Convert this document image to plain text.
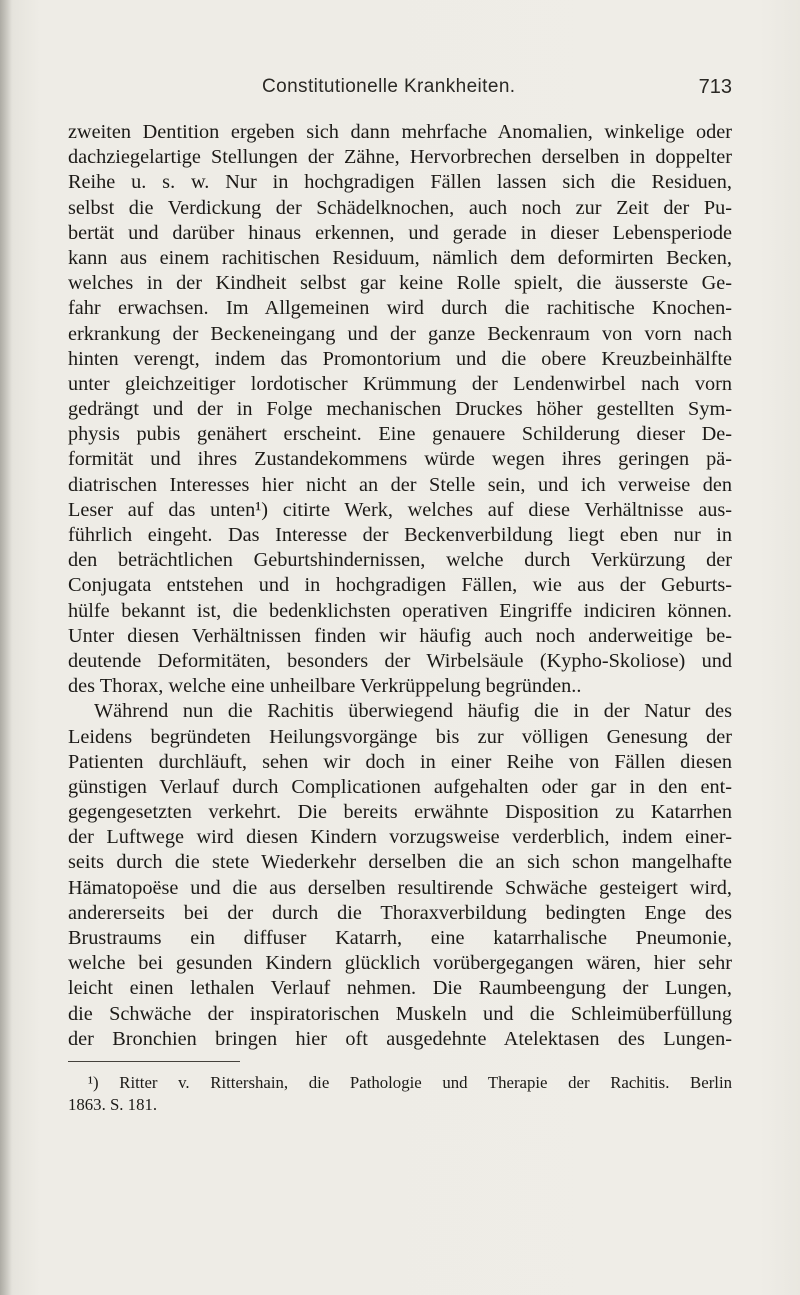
Constitutionelle Krankheiten.	713
zweiten Dentition ergeben sich dann mehrfache Anomalien, winkelige oder
dachziegelartige Stellungen der Zähne, Hervorbrechen derselben in doppelter
Reihe u. s. w. Nur in hochgradigen Fällen lassen sich die Residuen,
selbst die Verdickung der Schädelknochen, auch noch zur Zeit der Pu-
bertät und darüber hinaus erkennen, und gerade in dieser Lebensperiode
kann aus einem rachitischen Residuum, nämlich dem deformirten Becken,
welches in der Kindheit selbst gar keine Rolle spielt, die äusserste Ge-
fahr erwachsen. Im Allgemeinen wird durch die rachitische Knochen-
erkrankung der Beckeneingang und der ganze Beckenraum von vorn nach
hinten verengt, indem das Promontorium und die obere Kreuzbeinhälfte
unter gleichzeitiger lordotischer Krümmung der Lendenwirbel nach vorn
gedrängt und der in Folge mechanischen Druckes höher gestellten Sym-
physis pubis genähert erscheint. Eine genauere Schilderung dieser De-
formität und ihres Zustandekommens würde wegen ihres geringen pä-
diatrischen Interesses hier nicht an der Stelle sein, und ich verweise den
Leser auf das unten¹) citirte Werk, welches auf diese Verhältnisse aus-
führlich eingeht. Das Interesse der Beckenverbildung liegt eben nur in
den beträchtlichen Geburtshindernissen, welche durch Verkürzung der
Conjugata entstehen und in hochgradigen Fällen, wie aus der Geburts-
hülfe bekannt ist, die bedenklichsten operativen Eingriffe indiciren können.
Unter diesen Verhältnissen finden wir häufig auch noch anderweitige be-
deutende Deformitäten, besonders der Wirbelsäule (Kypho-Skoliose) und
des Thorax, welche eine unheilbare Verkrüppelung begründen..
Während nun die Rachitis überwiegend häufig die in der Natur des
Leidens begründeten Heilungsvorgänge bis zur völligen Genesung der
Patienten durchläuft, sehen wir doch in einer Reihe von Fällen diesen
günstigen Verlauf durch Complicationen aufgehalten oder gar in den ent-
gegengesetzten verkehrt. Die bereits erwähnte Disposition zu Katarrhen
der Luftwege wird diesen Kindern vorzugsweise verderblich, indem einer-
seits durch die stete Wiederkehr derselben die an sich schon mangelhafte
Hämatopoëse und die aus derselben resultirende Schwäche gesteigert wird,
andererseits bei der durch die Thoraxverbildung bedingten Enge des
Brustraums ein diffuser Katarrh, eine katarrhalische Pneumonie,
welche bei gesunden Kindern glücklich vorübergegangen wären, hier sehr
leicht einen lethalen Verlauf nehmen. Die Raumbeengung der Lungen,
die Schwäche der inspiratorischen Muskeln und die Schleimüberfüllung
der Bronchien bringen hier oft ausgedehnte Atelektasen des Lungen-
¹) Ritter v. Rittershain, die Pathologie und Therapie der Rachitis. Berlin
1863. S. 181.
